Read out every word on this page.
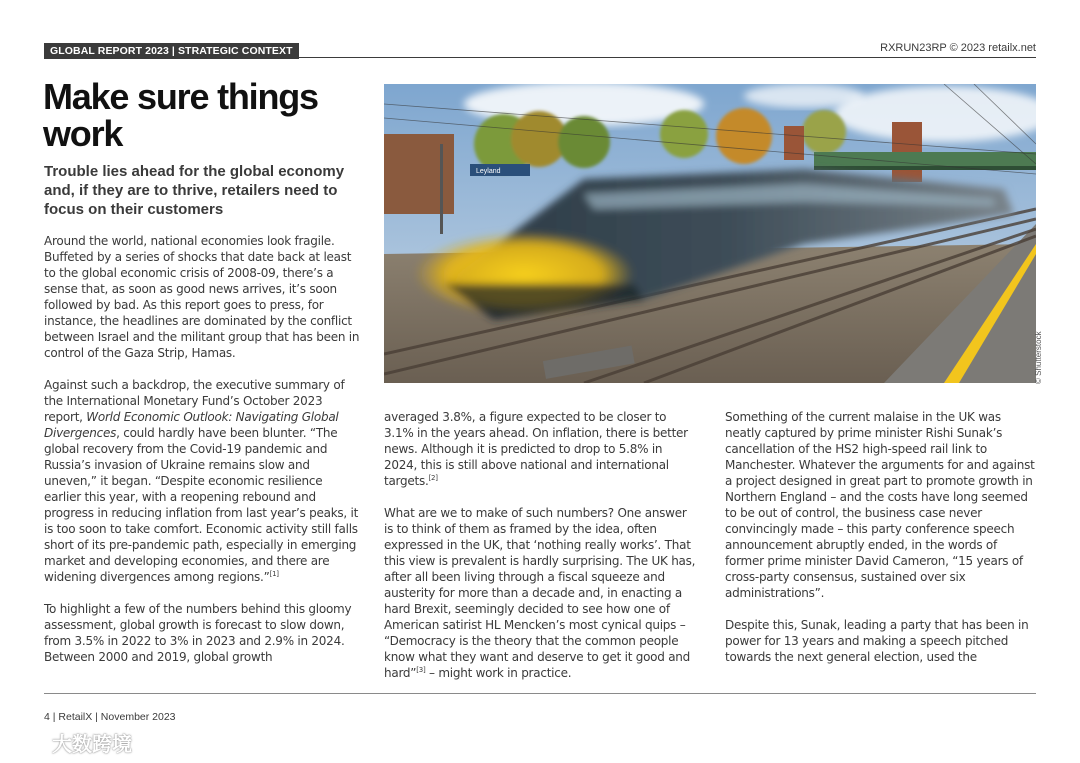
GLOBAL REPORT 2023 | STRATEGIC CONTEXT	RXRUN23RP © 2023 retailx.net
Make sure things work
Trouble lies ahead for the global economy and, if they are to thrive, retailers need to focus on their customers

Around the world, national economies look fragile. Buffeted by a series of shocks that date back at least to the global economic crisis of 2008-09, there’s a sense that, as soon as good news arrives, it’s soon followed by bad. As this report goes to press, for instance, the headlines are dominated by the conflict between Israel and the militant group that has been in control of the Gaza Strip, Hamas.

Against such a backdrop, the executive summary of the International Monetary Fund’s October 2023 report, World Economic Outlook: Navigating Global Divergences, could hardly have been blunter. “The global recovery from the Covid-19 pandemic and Russia’s invasion of Ukraine remains slow and uneven,” it began. “Despite economic resilience earlier this year, with a reopening rebound and progress in reducing inflation from last year’s peaks, it is too soon to take comfort. Economic activity still falls short of its pre-pandemic path, especially in emerging market and developing economies, and there are widening divergences among regions.”[1]

To highlight a few of the numbers behind this gloomy assessment, global growth is forecast to slow down, from 3.5% in 2022 to 3% in 2023 and 2.9% in 2024. Between 2000 and 2019, global growth

Leyland
© Shutterstock

averaged 3.8%, a figure expected to be closer to 3.1% in the years ahead. On inflation, there is better news. Although it is predicted to drop to 5.8% in 2024, this is still above national and international targets.[2]

What are we to make of such numbers? One answer is to think of them as framed by the idea, often expressed in the UK, that ‘nothing really works’. That this view is prevalent is hardly surprising. The UK has, after all been living through a fiscal squeeze and austerity for more than a decade and, in enacting a hard Brexit, seemingly decided to see how one of American satirist HL Mencken’s most cynical quips – “Democracy is the theory that the common people know what they want and deserve to get it good and hard”[3] – might work in practice.

Something of the current malaise in the UK was neatly captured by prime minister Rishi Sunak’s cancellation of the HS2 high-speed rail link to Manchester. Whatever the arguments for and against a project designed in great part to promote growth in Northern England – and the costs have long seemed to be out of control, the business case never convincingly made – this party conference speech announcement abruptly ended, in the words of former prime minister David Cameron, “15 years of cross-party consensus, sustained over six administrations”.

Despite this, Sunak, leading a party that has been in power for 13 years and making a speech pitched towards the next general election, used the

4 | RetailX | November 2023
大数跨境
